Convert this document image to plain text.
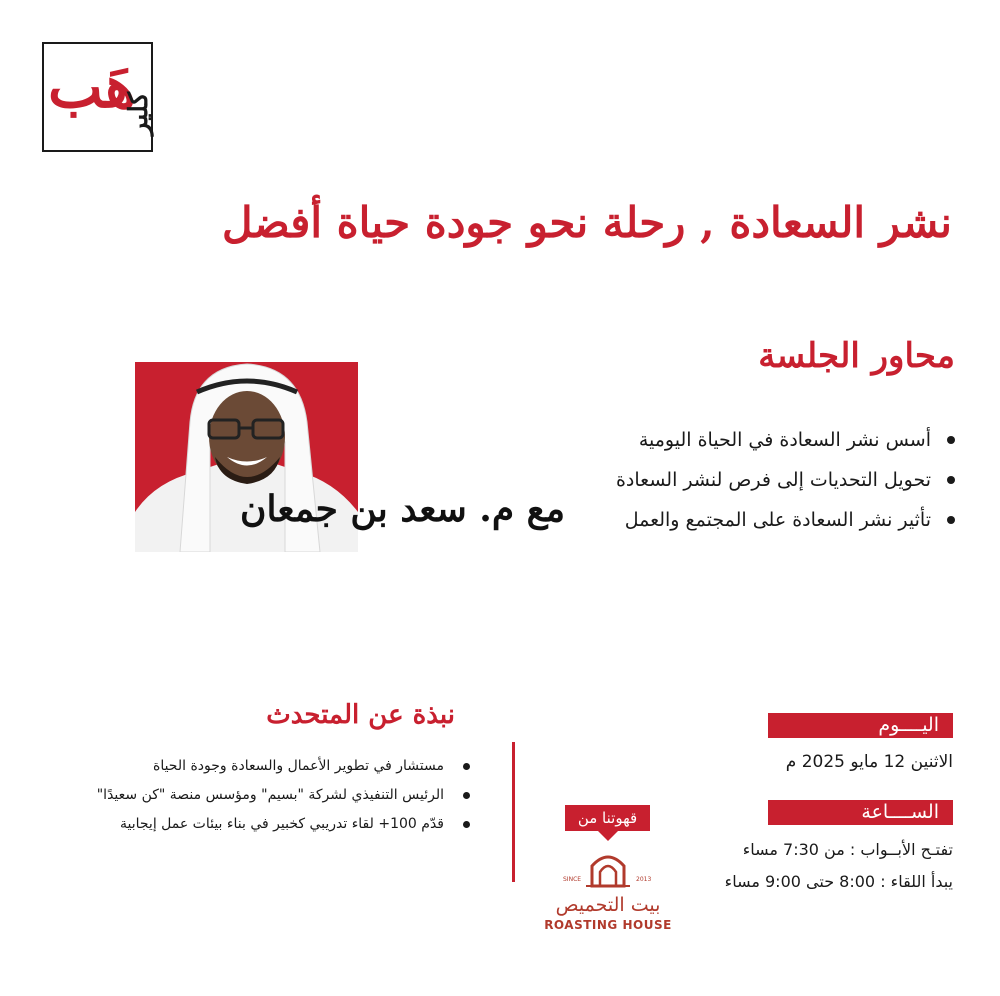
هَب
كلير
نشر السعادة , رحلة نحو جودة حياة أفضل
محاور الجلسة
أسس نشر السعادة في الحياة اليومية
تحويل التحديات إلى فرص لنشر السعادة
تأثير نشر السعادة على المجتمع والعمل
مع م. سعد بن جمعان
نبذة عن المتحدث
مستشار في تطوير الأعمال والسعادة وجودة الحياة
الرئيس التنفيذي لشركة "بسيم" ومؤسس منصة "كن سعيدًا"
قدّم 100+ لقاء تدريبي كخبير في بناء بيئات عمل إيجابية
اليــــوم
الاثنين 12 مايو 2025 م
الســــاعة
تفتـح الأبــواب : من 7:30 مساء
يبدأ اللقاء : 8:00 حتى 9:00 مساء
قهوتنا من
SINCE	2013
بيت التحميص
ROASTING HOUSE
